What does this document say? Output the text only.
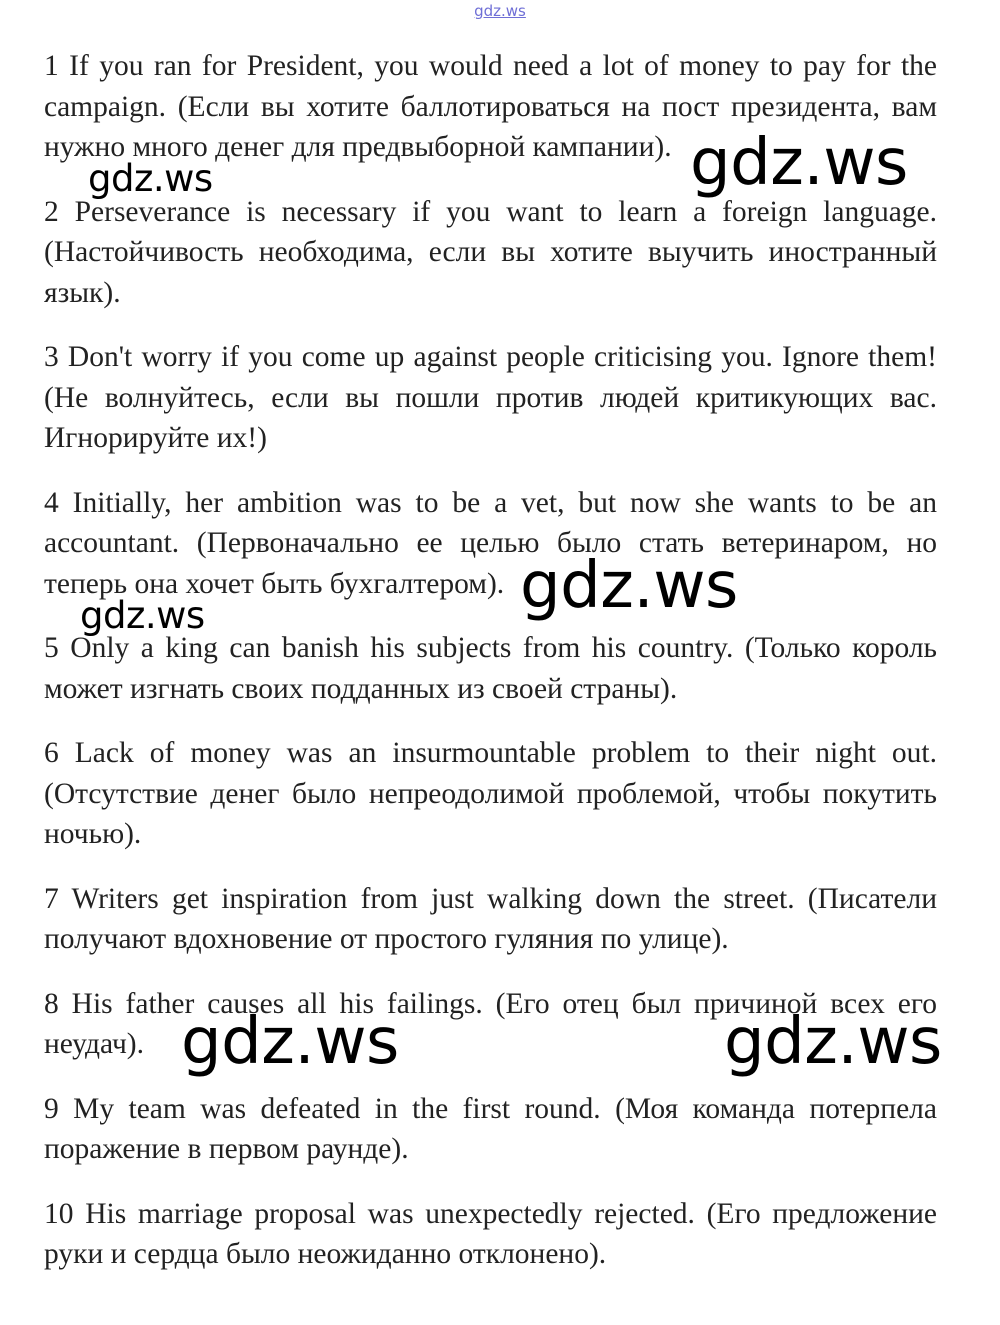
gdz.ws

1 If you ran for President, you would need a lot of money to pay for the campaign. (Если вы хотите баллотироваться на пост президента, вам нужно много денег для предвыборной кампании).

2 Perseverance is necessary if you want to learn a foreign language. (Настойчивость необходима, если вы хотите выучить иностранный язык).

3 Don't worry if you come up against people criticising you. Ignore them! (Не волнуйтесь, если вы пошли против людей критикующих вас. Игнорируйте их!)

4 Initially, her ambition was to be a vet, but now she wants to be an accountant. (Первоначально ее целью было стать ветеринаром, но теперь она хочет быть бухгалтером).

5 Only a king can banish his subjects from his country. (Только король может изгнать своих подданных из своей страны).

6 Lack of money was an insurmountable problem to their night out. (Отсутствие денег было непреодолимой проблемой, чтобы покутить ночью).

7 Writers get inspiration from just walking down the street. (Писатели получают вдохновение от простого гуляния по улице).

8 His father causes all his failings. (Его отец был причиной всех его неудач).

9 My team was defeated in the first round. (Моя команда потерпела поражение в первом раунде).

10 His marriage proposal was unexpectedly rejected. (Его предложение руки и сердца было неожиданно отклонено).

gdz.ws
gdz.ws
gdz.ws
gdz.ws
gdz.ws	gdz.ws
